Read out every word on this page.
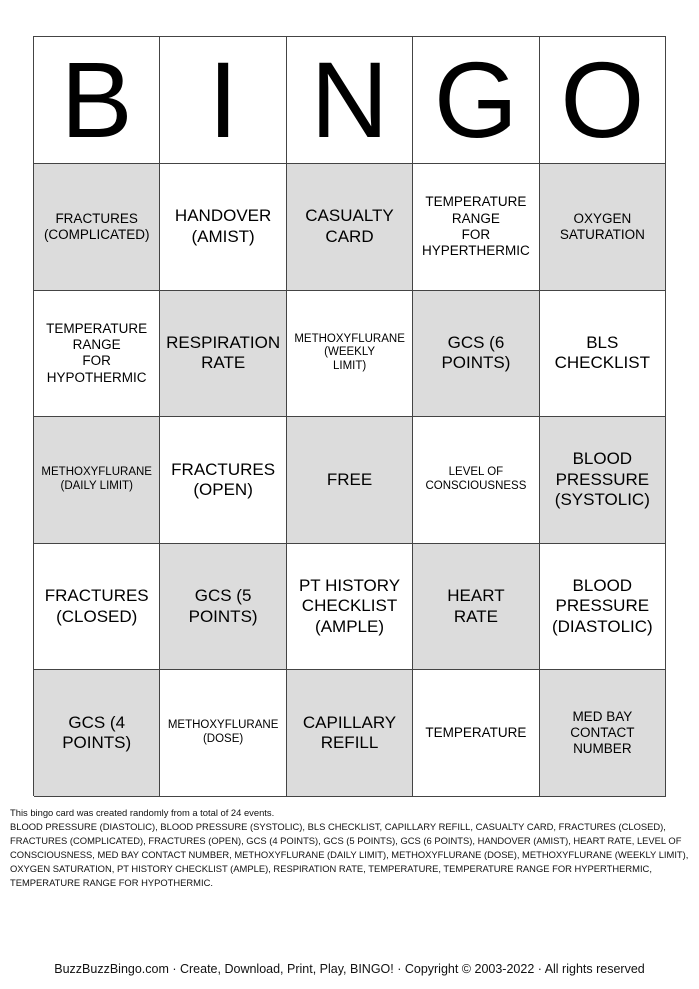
B I N G O
FRACTURES
(COMPLICATED)
HANDOVER
(AMIST)
CASUALTY
CARD
TEMPERATURE
RANGE
FOR
HYPERTHERMIC
OXYGEN
SATURATION
TEMPERATURE
RANGE
FOR
HYPOTHERMIC
RESPIRATION
RATE
METHOXYFLURANE
(WEEKLY
LIMIT)
GCS (6
POINTS)
BLS
CHECKLIST
METHOXYFLURANE
(DAILY LIMIT)
FRACTURES
(OPEN)
FREE	LEVEL OF
CONSCIOUSNESS
BLOOD
PRESSURE
(SYSTOLIC)
FRACTURES
(CLOSED)
GCS (5
POINTS)
PT HISTORY
CHECKLIST
(AMPLE)
HEART
RATE
BLOOD
PRESSURE
(DIASTOLIC)
GCS (4
POINTS)
METHOXYFLURANE
(DOSE)
CAPILLARY
REFILL
TEMPERATURE
MED BAY
CONTACT
NUMBER
This bingo card was created randomly from a total of 24 events.
BLOOD PRESSURE (DIASTOLIC), BLOOD PRESSURE (SYSTOLIC), BLS CHECKLIST, CAPILLARY REFILL, CASUALTY CARD, FRACTURES (CLOSED), FRACTURES (COMPLICATED), FRACTURES (OPEN), GCS (4 POINTS), GCS (5 POINTS), GCS (6 POINTS), HANDOVER (AMIST), HEART RATE, LEVEL OF CONSCIOUSNESS, MED BAY CONTACT NUMBER, METHOXYFLURANE (DAILY LIMIT), METHOXYFLURANE (DOSE), METHOXYFLURANE (WEEKLY LIMIT), OXYGEN SATURATION, PT HISTORY CHECKLIST (AMPLE), RESPIRATION RATE, TEMPERATURE, TEMPERATURE RANGE FOR HYPERTHERMIC, TEMPERATURE RANGE FOR HYPOTHERMIC.
BuzzBuzzBingo.com · Create, Download, Print, Play, BINGO! · Copyright © 2003-2022 · All rights reserved
